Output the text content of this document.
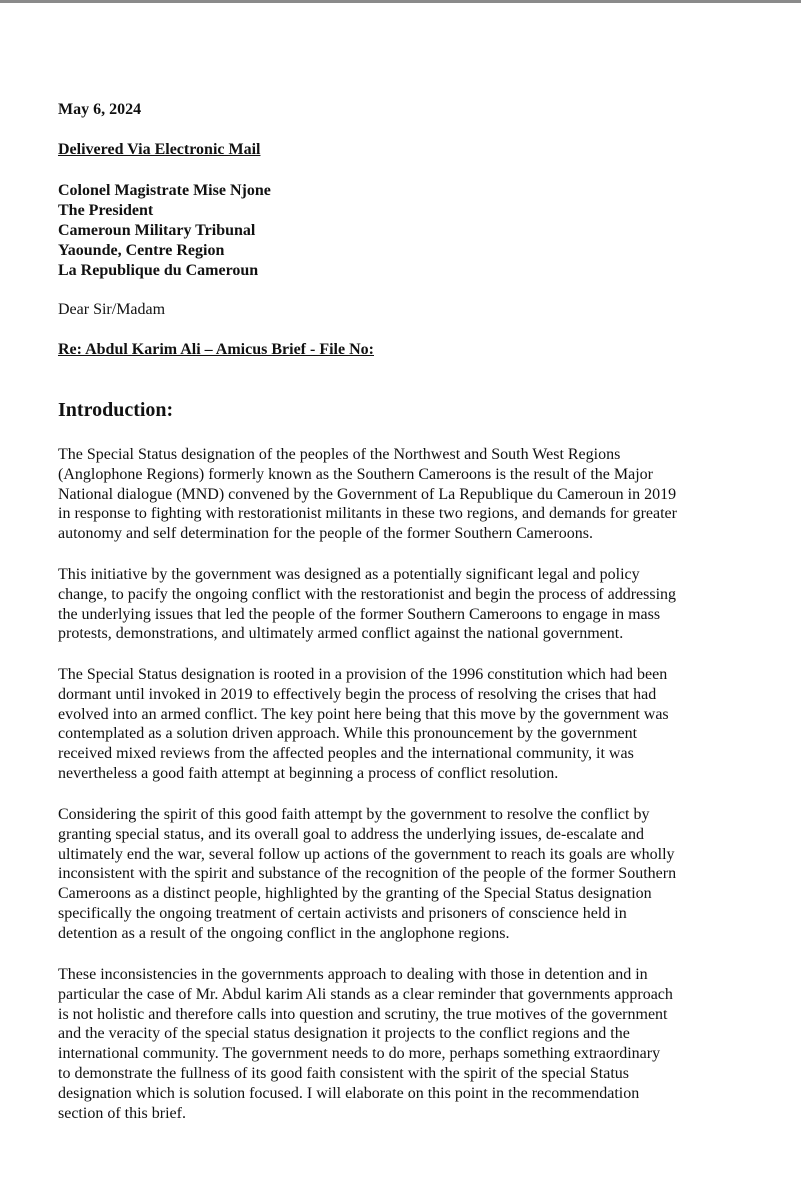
May 6, 2024
Delivered Via Electronic Mail
Colonel Magistrate Mise Njone
The President
Cameroun Military Tribunal
Yaounde, Centre Region
La Republique du Cameroun
Dear Sir/Madam
Re: Abdul Karim Ali – Amicus Brief - File No:
Introduction:

The Special Status designation of the peoples of the Northwest and South West Regions
(Anglophone Regions) formerly known as the Southern Cameroons is the result of the Major
National dialogue (MND) convened by the Government of La Republique du Cameroun in 2019
in response to fighting with restorationist militants in these two regions, and demands for greater
autonomy and self determination for the people of the former Southern Cameroons.

This initiative by the government was designed as a potentially significant legal and policy
change, to pacify the ongoing conflict with the restorationist and begin the process of addressing
the underlying issues that led the people of the former Southern Cameroons to engage in mass
protests, demonstrations, and ultimately armed conflict against the national government.

The Special Status designation is rooted in a provision of the 1996 constitution which had been
dormant until invoked in 2019 to effectively begin the process of resolving the crises that had
evolved into an armed conflict. The key point here being that this move by the government was
contemplated as a solution driven approach. While this pronouncement by the government
received mixed reviews from the affected peoples and the international community, it was
nevertheless a good faith attempt at beginning a process of conflict resolution.

Considering the spirit of this good faith attempt by the government to resolve the conflict by
granting special status, and its overall goal to address the underlying issues, de-escalate and
ultimately end the war, several follow up actions of the government to reach its goals are wholly
inconsistent with the spirit and substance of the recognition of the people of the former Southern
Cameroons as a distinct people, highlighted by the granting of the Special Status designation
specifically the ongoing treatment of certain activists and prisoners of conscience held in
detention as a result of the ongoing conflict in the anglophone regions.

These inconsistencies in the governments approach to dealing with those in detention and in
particular the case of Mr. Abdul karim Ali stands as a clear reminder that governments approach
is not holistic and therefore calls into question and scrutiny, the true motives of the government
and the veracity of the special status designation it projects to the conflict regions and the
international community. The government needs to do more, perhaps something extraordinary
to demonstrate the fullness of its good faith consistent with the spirit of the special Status
designation which is solution focused. I will elaborate on this point in the recommendation
section of this brief.
